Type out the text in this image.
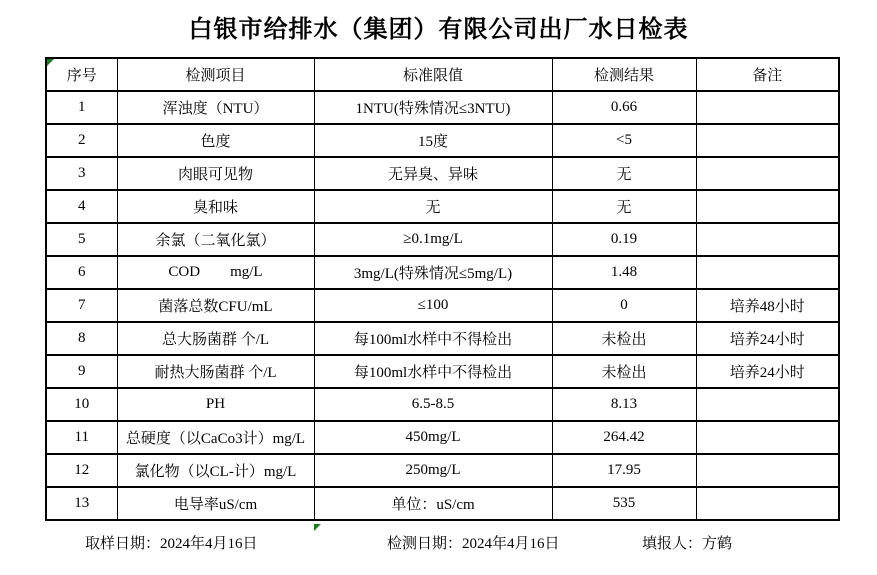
白银市给排水（集团）有限公司出厂水日检表
序号	检测项目	标准限值	检测结果	备注
1	浑浊度（NTU）	1NTU(特殊情况≤3NTU)	0.66	
2	色度	15度	<5	
3	肉眼可见物	无异臭、异味	无	
4	臭和味	无	无	
5	余氯（二氧化氯）	≥0.1mg/L	0.19	
6	COD        mg/L	3mg/L(特殊情况≤5mg/L)	1.48	
7	菌落总数CFU/mL	≤100	0	培养48小时
8	总大肠菌群 个/L	每100ml水样中不得检出	未检出	培养24小时
9	耐热大肠菌群 个/L	每100ml水样中不得检出	未检出	培养24小时
10	PH	6.5-8.5	8.13	
11	总硬度（以CaCo3计）mg/L	450mg/L	264.42	
12	氯化物（以CL-计）mg/L	250mg/L	17.95	
13	电导率uS/cm	单位：uS/cm	535	
取样日期：2024年4月16日	检测日期：2024年4月16日	填报人：方鹤
